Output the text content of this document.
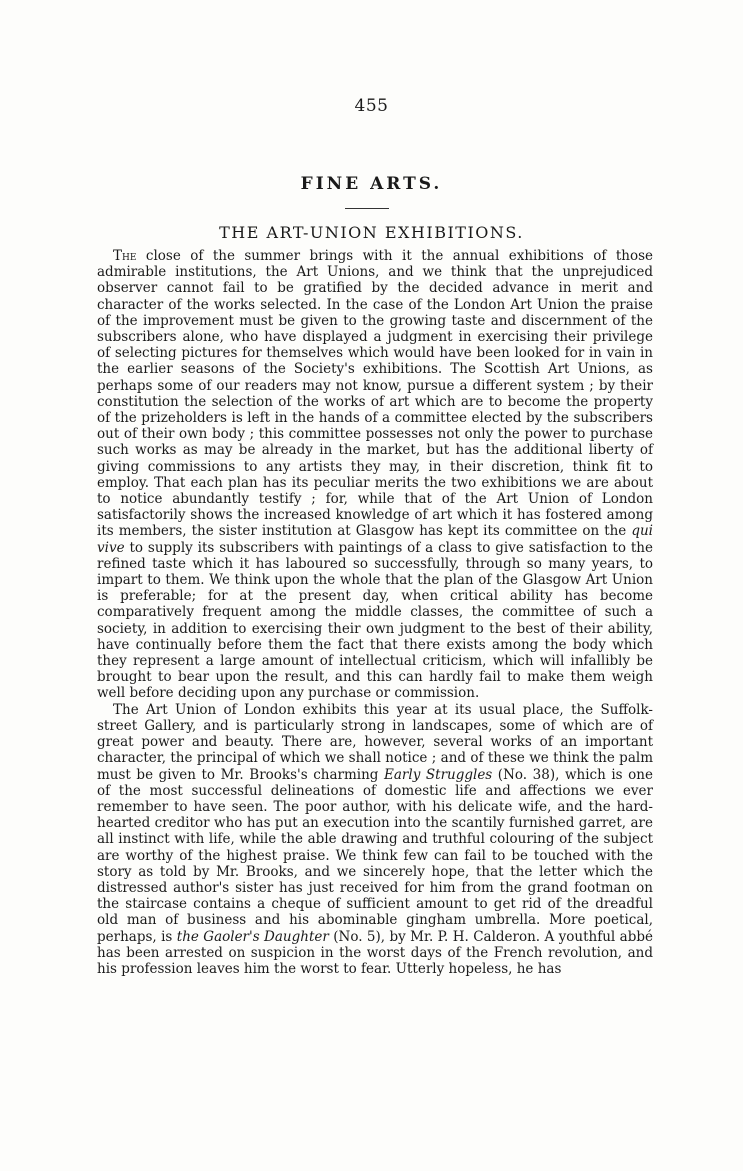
455
FINE ARTS.
THE ART-UNION EXHIBITIONS.

The close of the summer brings with it the annual exhibitions of those admirable institutions, the Art Unions, and we think that the unprejudiced observer cannot fail to be gratified by the decided advance in merit and character of the works selected. In the case of the London Art Union the praise of the improvement must be given to the growing taste and discernment of the subscribers alone, who have displayed a judgment in exercising their privilege of selecting pictures for themselves which would have been looked for in vain in the earlier seasons of the Society's exhibitions. The Scottish Art Unions, as perhaps some of our readers may not know, pursue a different system ; by their constitution the selection of the works of art which are to become the property of the prizeholders is left in the hands of a committee elected by the subscribers out of their own body ; this committee possesses not only the power to purchase such works as may be already in the market, but has the additional liberty of giving commissions to any artists they may, in their discretion, think fit to employ. That each plan has its peculiar merits the two exhibitions we are about to notice abundantly testify ; for, while that of the Art Union of London satisfactorily shows the increased knowledge of art which it has fostered among its members, the sister institution at Glasgow has kept its committee on the qui vive to supply its subscribers with paintings of a class to give satisfaction to the refined taste which it has laboured so successfully, through so many years, to impart to them. We think upon the whole that the plan of the Glasgow Art Union is preferable; for at the present day, when critical ability has become comparatively frequent among the middle classes, the committee of such a society, in addition to exercising their own judgment to the best of their ability, have continually before them the fact that there exists among the body which they represent a large amount of intellectual criticism, which will infallibly be brought to bear upon the result, and this can hardly fail to make them weigh well before deciding upon any purchase or commission.

The Art Union of London exhibits this year at its usual place, the Suffolk-street Gallery, and is particularly strong in landscapes, some of which are of great power and beauty. There are, however, several works of an important character, the principal of which we shall notice ; and of these we think the palm must be given to Mr. Brooks's charming Early Struggles (No. 38), which is one of the most successful delineations of domestic life and affections we ever remember to have seen. The poor author, with his delicate wife, and the hard-hearted creditor who has put an execution into the scantily furnished garret, are all instinct with life, while the able drawing and truthful colouring of the subject are worthy of the highest praise. We think few can fail to be touched with the story as told by Mr. Brooks, and we sincerely hope, that the letter which the distressed author's sister has just received for him from the grand footman on the staircase contains a cheque of sufficient amount to get rid of the dreadful old man of business and his abominable gingham umbrella. More poetical, perhaps, is the Gaoler's Daughter (No. 5), by Mr. P. H. Calderon. A youthful abbé has been arrested on suspicion in the worst days of the French revolution, and his profession leaves him the worst to fear. Utterly hopeless, he has
